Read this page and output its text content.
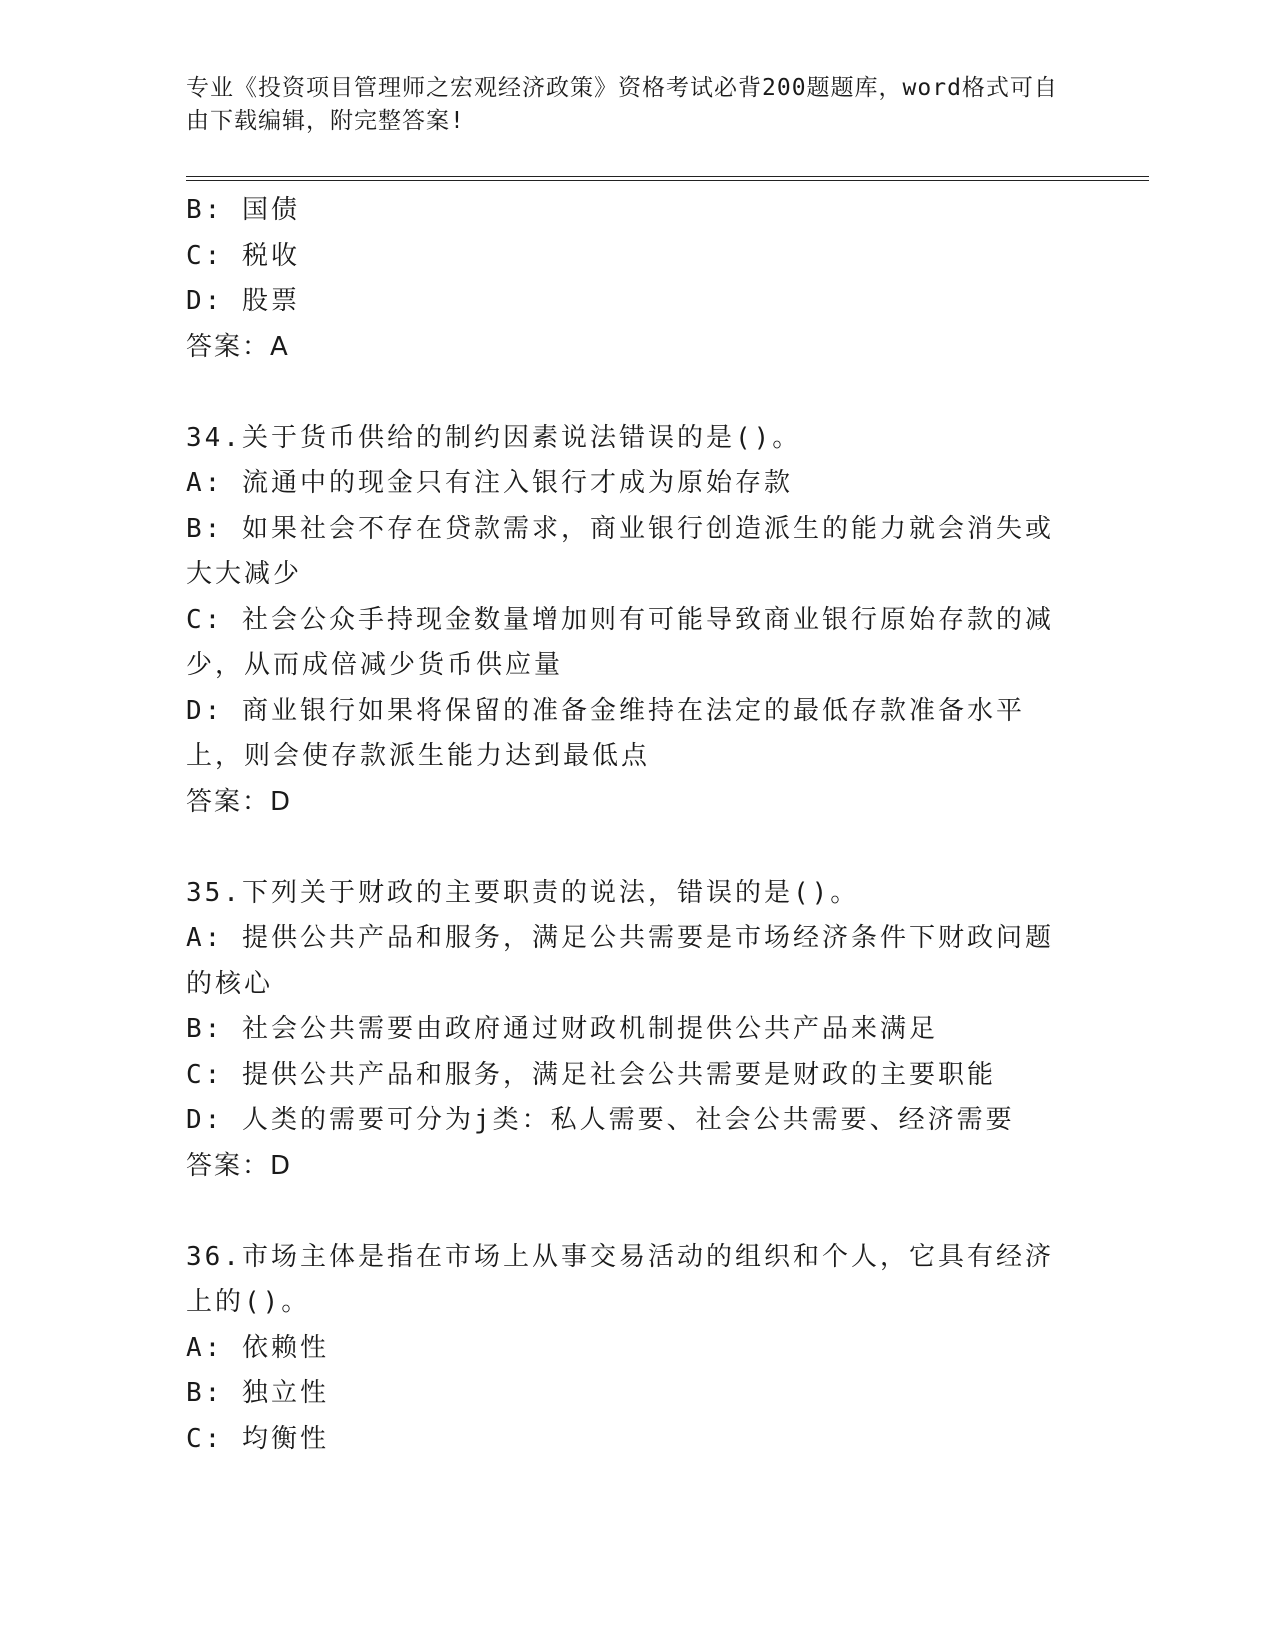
专业《投资项目管理师之宏观经济政策》资格考试必背200题题库，word格式可自由下载编辑，附完整答案!
B: 国债
C: 税收
D: 股票
答案：A
34.关于货币供给的制约因素说法错误的是()。
A: 流通中的现金只有注入银行才成为原始存款
B: 如果社会不存在贷款需求，商业银行创造派生的能力就会消失或大大减少
C: 社会公众手持现金数量增加则有可能导致商业银行原始存款的减少，从而成倍减少货币供应量
D: 商业银行如果将保留的准备金维持在法定的最低存款准备水平上，则会使存款派生能力达到最低点
答案：D
35.下列关于财政的主要职责的说法，错误的是()。
A: 提供公共产品和服务，满足公共需要是市场经济条件下财政问题的核心
B: 社会公共需要由政府通过财政机制提供公共产品来满足
C: 提供公共产品和服务，满足社会公共需要是财政的主要职能
D: 人类的需要可分为j类：私人需要、社会公共需要、经济需要
答案：D
36.市场主体是指在市场上从事交易活动的组织和个人，它具有经济上的()。
A: 依赖性
B: 独立性
C: 均衡性
